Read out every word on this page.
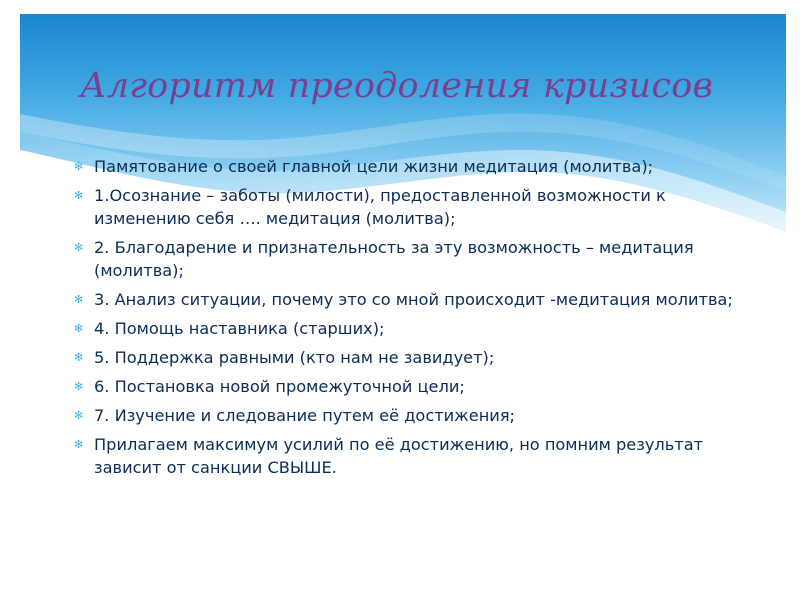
Алгоритм преодоления кризисов
✻ Памятование о своей главной цели жизни медитация (молитва);
✻ 1.Осознание – заботы (милости), предоставленной возможности к изменению себя …. медитация (молитва);
✻ 2. Благодарение и признательность за эту возможность – медитация (молитва);
✻ 3. Анализ ситуации, почему это со мной происходит -медитация молитва;
✻ 4. Помощь наставника (старших);
✻ 5. Поддержка равными (кто нам не завидует);
✻ 6. Постановка новой промежуточной цели;
✻ 7. Изучение и следование путем её достижения;
✻ Прилагаем максимум усилий по её достижению, но помним результат зависит от санкции СВЫШЕ.
